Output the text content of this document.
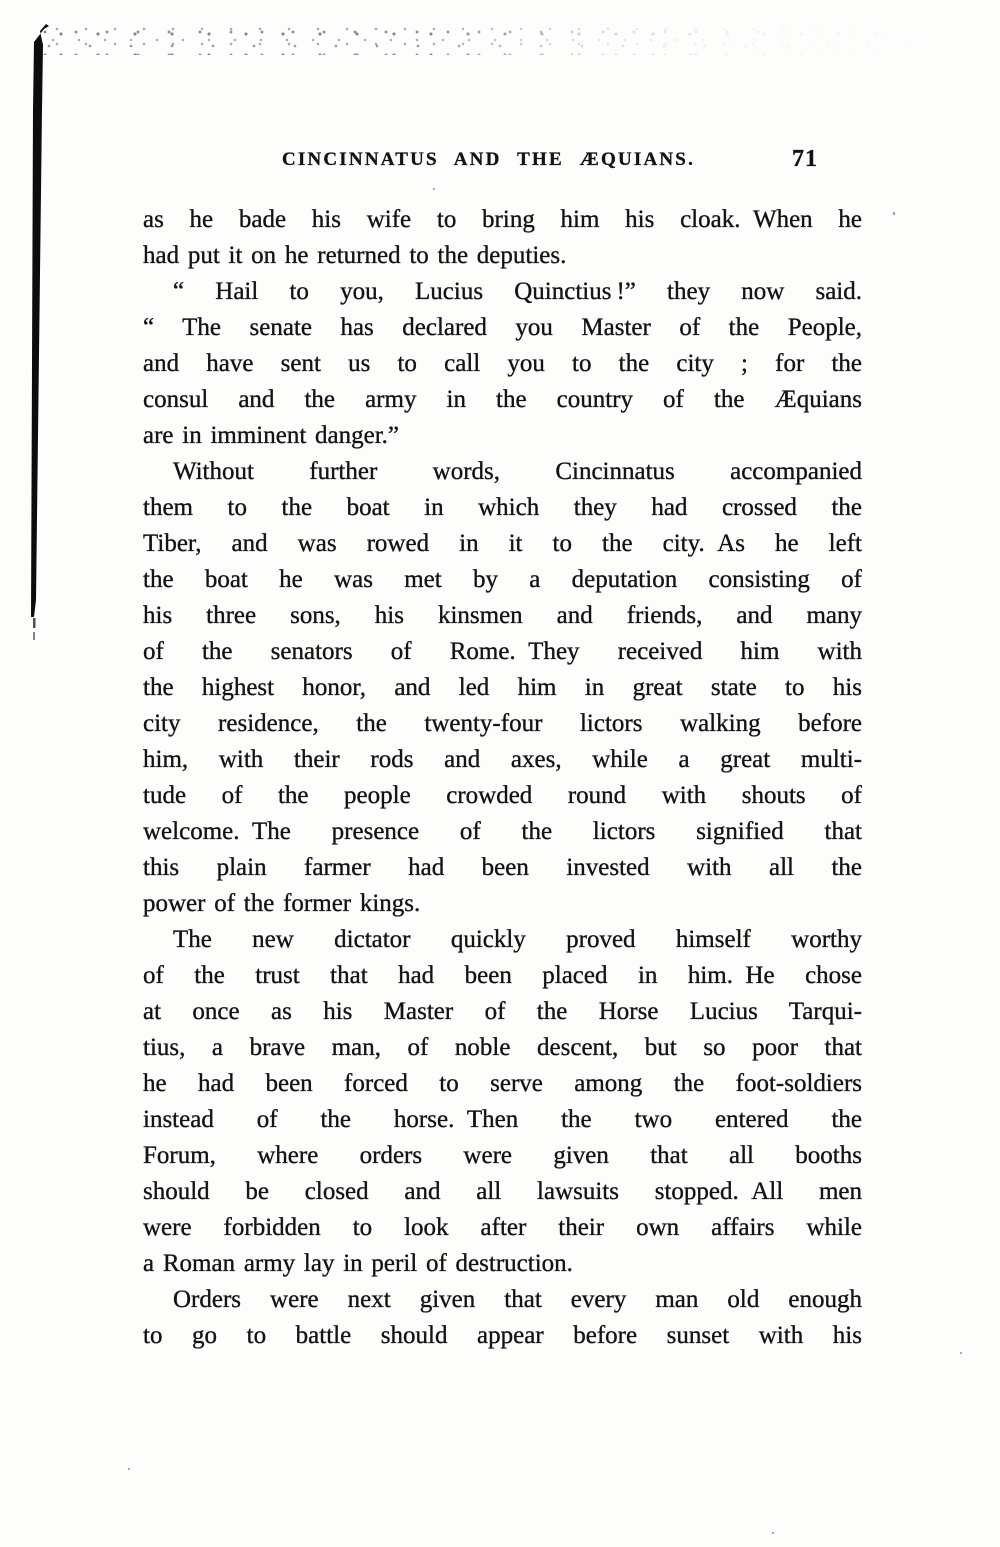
CINCINNATUS AND THE ÆQUIANS.	71
as he bade his wife to bring him his cloak. When he
had put it on he returned to the deputies.
“ Hail to you, Lucius Quinctius !” they now said.
“ The senate has declared you Master of the People,
and have sent us to call you to the city ; for the
consul and the army in the country of the Æquians
are in imminent danger.”
Without further words, Cincinnatus accompanied
them to the boat in which they had crossed the
Tiber, and was rowed in it to the city. As he left
the boat he was met by a deputation consisting of
his three sons, his kinsmen and friends, and many
of the senators of Rome. They received him with
the highest honor, and led him in great state to his
city residence, the twenty-four lictors walking before
him, with their rods and axes, while a great multi-
tude of the people crowded round with shouts of
welcome. The presence of the lictors signified that
this plain farmer had been invested with all the
power of the former kings.
The new dictator quickly proved himself worthy
of the trust that had been placed in him. He chose
at once as his Master of the Horse Lucius Tarqui-
tius, a brave man, of noble descent, but so poor that
he had been forced to serve among the foot-soldiers
instead of the horse. Then the two entered the
Forum, where orders were given that all booths
should be closed and all lawsuits stopped. All men
were forbidden to look after their own affairs while
a Roman army lay in peril of destruction.
Orders were next given that every man old enough
to go to battle should appear before sunset with his
